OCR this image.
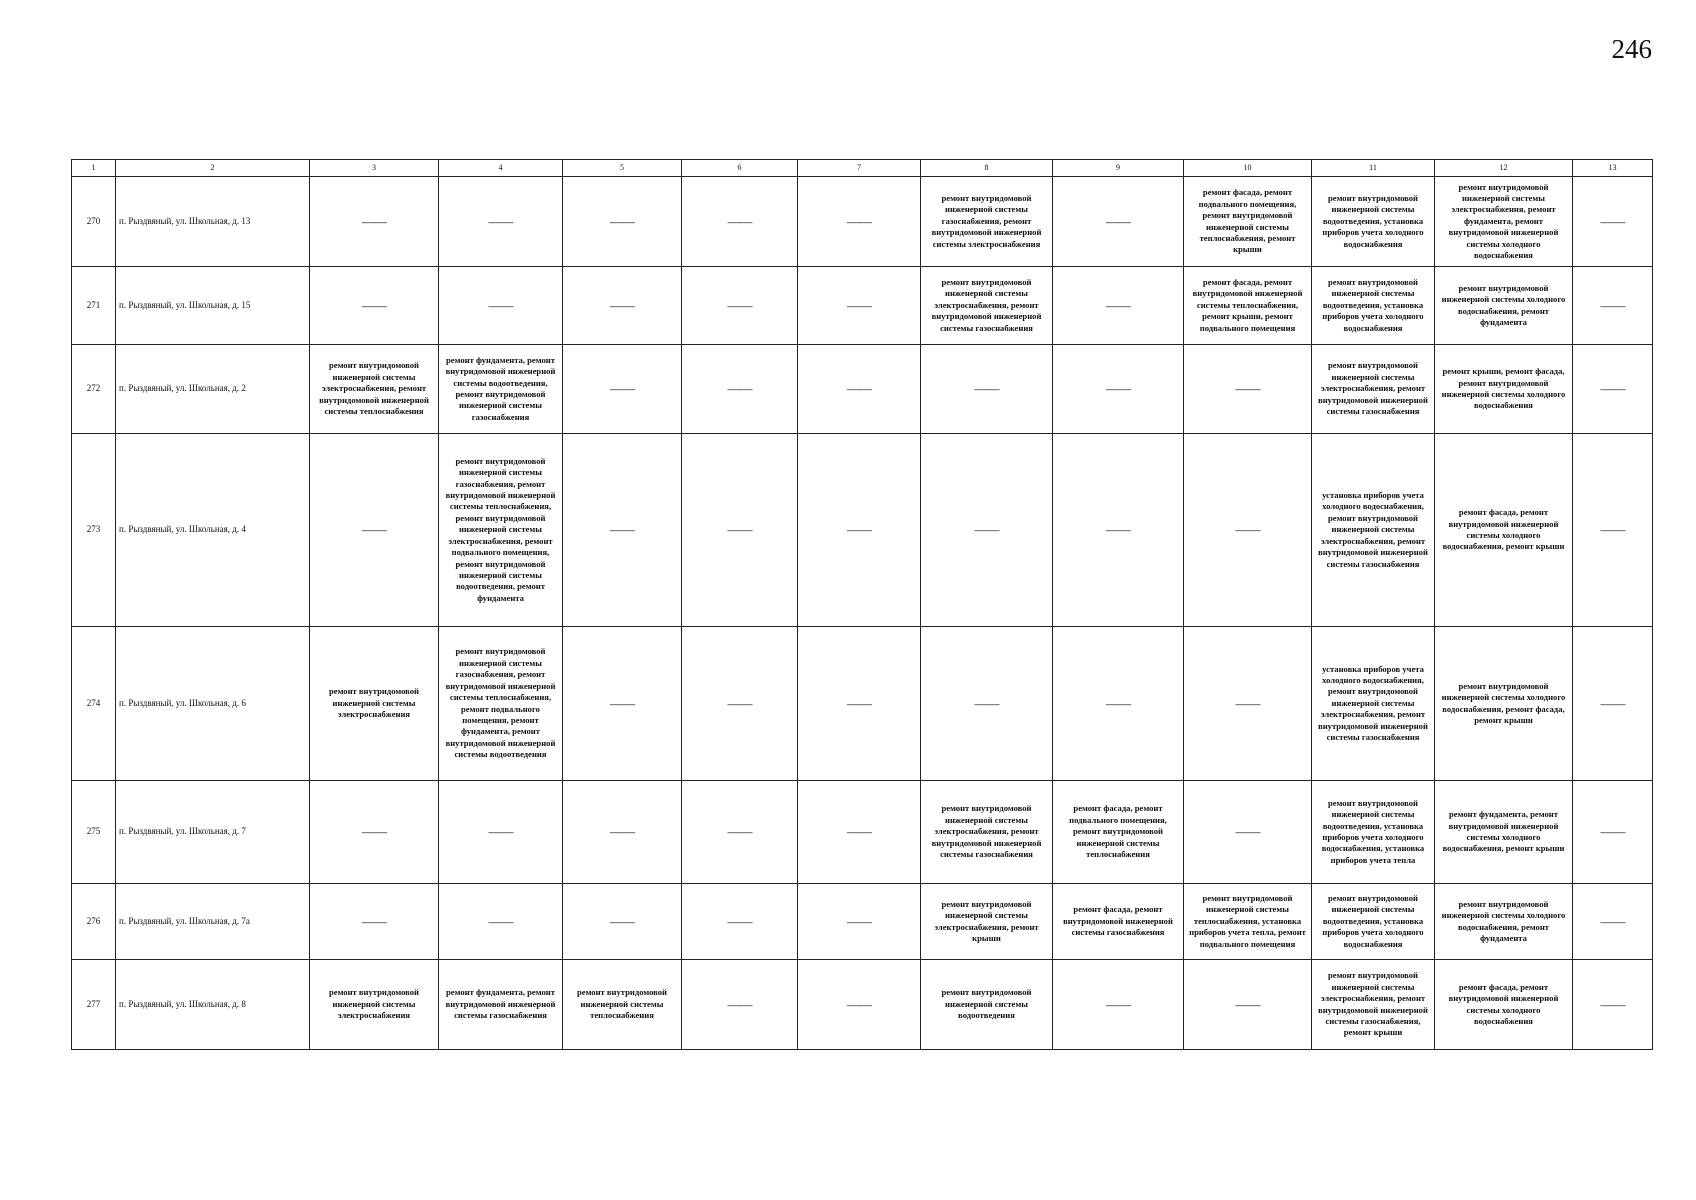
246
1	2	3	4	5	6	7	8	9	10	11	12	13
270	п. Рыздвяный, ул. Школьная, д. 13	——	——	——	——	——	ремонт внутридомовой инженерной системы газоснабжения, ремонт внутридомовой инженерной системы электроснабжения	——	ремонт фасада, ремонт подвального помещения, ремонт внутридомовой инженерной системы теплоснабжения, ремонт крыши	ремонт внутридомовой инженерной системы водоотведения, установка приборов учета холодного водоснабжения	ремонт внутридомовой инженерной системы электроснабжения, ремонт фундамента, ремонт внутридомовой инженерной системы холодного водоснабжения	——
271	п. Рыздвяный, ул. Школьная, д. 15	——	——	——	——	——	ремонт внутридомовой инженерной системы электроснабжения, ремонт внутридомовой инженерной системы газоснабжения	——	ремонт фасада, ремонт внутридомовой инженерной системы теплоснабжения, ремонт крыши, ремонт подвального помещения	ремонт внутридомовой инженерной системы водоотведения, установка приборов учета холодного водоснабжения	ремонт внутридомовой инженерной системы холодного водоснабжения, ремонт фундамента	——
272	п. Рыздвяный, ул. Школьная, д. 2	ремонт внутридомовой инженерной системы электроснабжения, ремонт внутридомовой инженерной системы теплоснабжения	ремонт фундамента, ремонт внутридомовой инженерной системы водоотведения, ремонт внутридомовой инженерной системы газоснабжения	——	——	——	——	——	——	ремонт внутридомовой инженерной системы электроснабжения, ремонт внутридомовой инженерной системы газоснабжения	ремонт крыши, ремонт фасада, ремонт внутридомовой инженерной системы холодного водоснабжения	——
273	п. Рыздвяный, ул. Школьная, д. 4	——	ремонт внутридомовой инженерной системы газоснабжения, ремонт внутридомовой инженерной системы теплоснабжения, ремонт внутридомовой инженерной системы электроснабжения, ремонт подвального помещения, ремонт внутридомовой инженерной системы водоотведения, ремонт фундамента	——	——	——	——	——	——	установка приборов учета холодного водоснабжения, ремонт внутридомовой инженерной системы электроснабжения, ремонт внутридомовой инженерной системы газоснабжения	ремонт фасада, ремонт внутридомовой инженерной системы холодного водоснабжения, ремонт крыши	——
274	п. Рыздвяный, ул. Школьная, д. 6	ремонт внутридомовой инженерной системы электроснабжения	ремонт внутридомовой инженерной системы газоснабжения, ремонт внутридомовой инженерной системы теплоснабжения, ремонт подвального помещения, ремонт фундамента, ремонт внутридомовой инженерной системы водоотведения	——	——	——	——	——	——	установка приборов учета холодного водоснабжения, ремонт внутридомовой инженерной системы электроснабжения, ремонт внутридомовой инженерной системы газоснабжения	ремонт внутридомовой инженерной системы холодного водоснабжения, ремонт фасада, ремонт крыши	——
275	п. Рыздвяный, ул. Школьная, д. 7	——	——	——	——	——	ремонт внутридомовой инженерной системы электроснабжения, ремонт внутридомовой инженерной системы газоснабжения	ремонт фасада, ремонт подвального помещения, ремонт внутридомовой инженерной системы теплоснабжения	——	ремонт внутридомовой инженерной системы водоотведения, установка приборов учета холодного водоснабжения, установка приборов учета тепла	ремонт фундамента, ремонт внутридомовой инженерной системы холодного водоснабжения, ремонт крыши	——
276	п. Рыздвяный, ул. Школьная, д. 7а	——	——	——	——	——	ремонт внутридомовой инженерной системы электроснабжения, ремонт крыши	ремонт фасада, ремонт внутридомовой инженерной системы газоснабжения	ремонт внутридомовой инженерной системы теплоснабжения, установка приборов учета тепла, ремонт подвального помещения	ремонт внутридомовой инженерной системы водоотведения, установка приборов учета холодного водоснабжения	ремонт внутридомовой инженерной системы холодного водоснабжения, ремонт фундамента	——
277	п. Рыздвяный, ул. Школьная, д. 8	ремонт внутридомовой инженерной системы электроснабжения	ремонт фундамента, ремонт внутридомовой инженерной системы газоснабжения	ремонт внутридомовой инженерной системы теплоснабжения	——	——	ремонт внутридомовой инженерной системы водоотведения	——	——	ремонт внутридомовой инженерной системы электроснабжения, ремонт внутридомовой инженерной системы газоснабжения, ремонт крыши	ремонт фасада, ремонт внутридомовой инженерной системы холодного водоснабжения	——
